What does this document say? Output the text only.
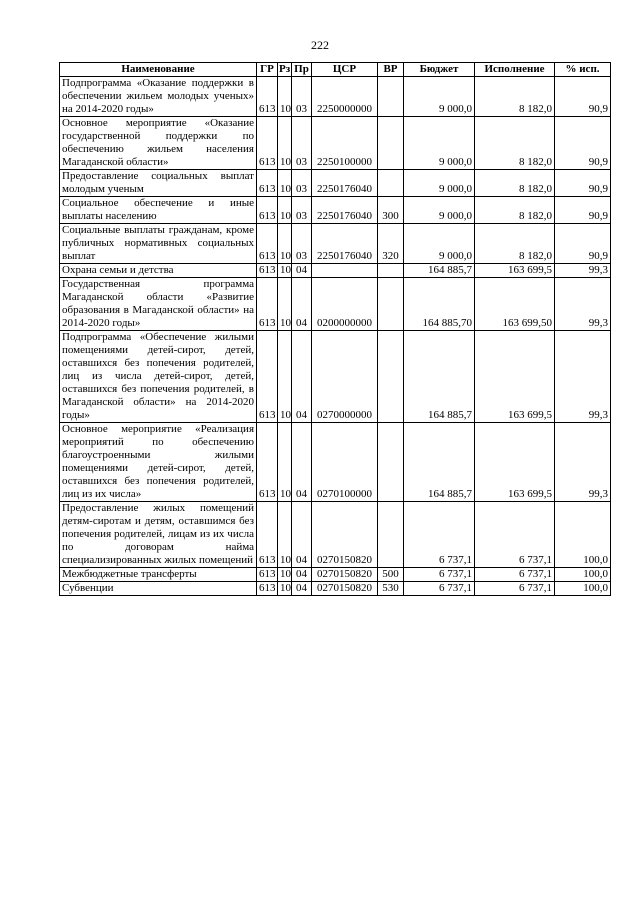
222
Наименование	ГР	Рз	Пр	ЦСР	ВР	Бюджет	Исполнение	% исп.
Подпрограмма «Оказание поддержки в обеспечении жильем молодых ученых» на 2014-2020 годы»	613	10	03	2250000000		9 000,0	8 182,0	90,9
Основное мероприятие «Оказание государственной поддержки по обеспечению жильем населения Магаданской области»	613	10	03	2250100000		9 000,0	8 182,0	90,9
Предоставление социальных выплат молодым ученым	613	10	03	2250176040		9 000,0	8 182,0	90,9
Социальное обеспечение и иные выплаты населению	613	10	03	2250176040	300	9 000,0	8 182,0	90,9
Социальные выплаты гражданам, кроме публичных нормативных социальных выплат	613	10	03	2250176040	320	9 000,0	8 182,0	90,9
Охрана семьи и детства	613	10	04			164 885,7	163 699,5	99,3
Государственная программа Магаданской области «Развитие образования в Магаданской области» на 2014-2020 годы»	613	10	04	0200000000		164 885,70	163 699,50	99,3
Подпрограмма «Обеспечение жилыми помещениями детей-сирот, детей, оставшихся без попечения родителей, лиц из числа детей-сирот, детей, оставшихся без попечения родителей, в Магаданской области» на 2014-2020 годы»	613	10	04	0270000000		164 885,7	163 699,5	99,3
Основное мероприятие «Реализация мероприятий по обеспечению благоустроенными жилыми помещениями детей-сирот, детей, оставшихся без попечения родителей, лиц из их числа»	613	10	04	0270100000		164 885,7	163 699,5	99,3
Предоставление жилых помещений детям-сиротам и детям, оставшимся без попечения родителей, лицам из их числа по договорам найма специализированных жилых помещений	613	10	04	0270150820		6 737,1	6 737,1	100,0
Межбюджетные трансферты	613	10	04	0270150820	500	6 737,1	6 737,1	100,0
Субвенции	613	10	04	0270150820	530	6 737,1	6 737,1	100,0
